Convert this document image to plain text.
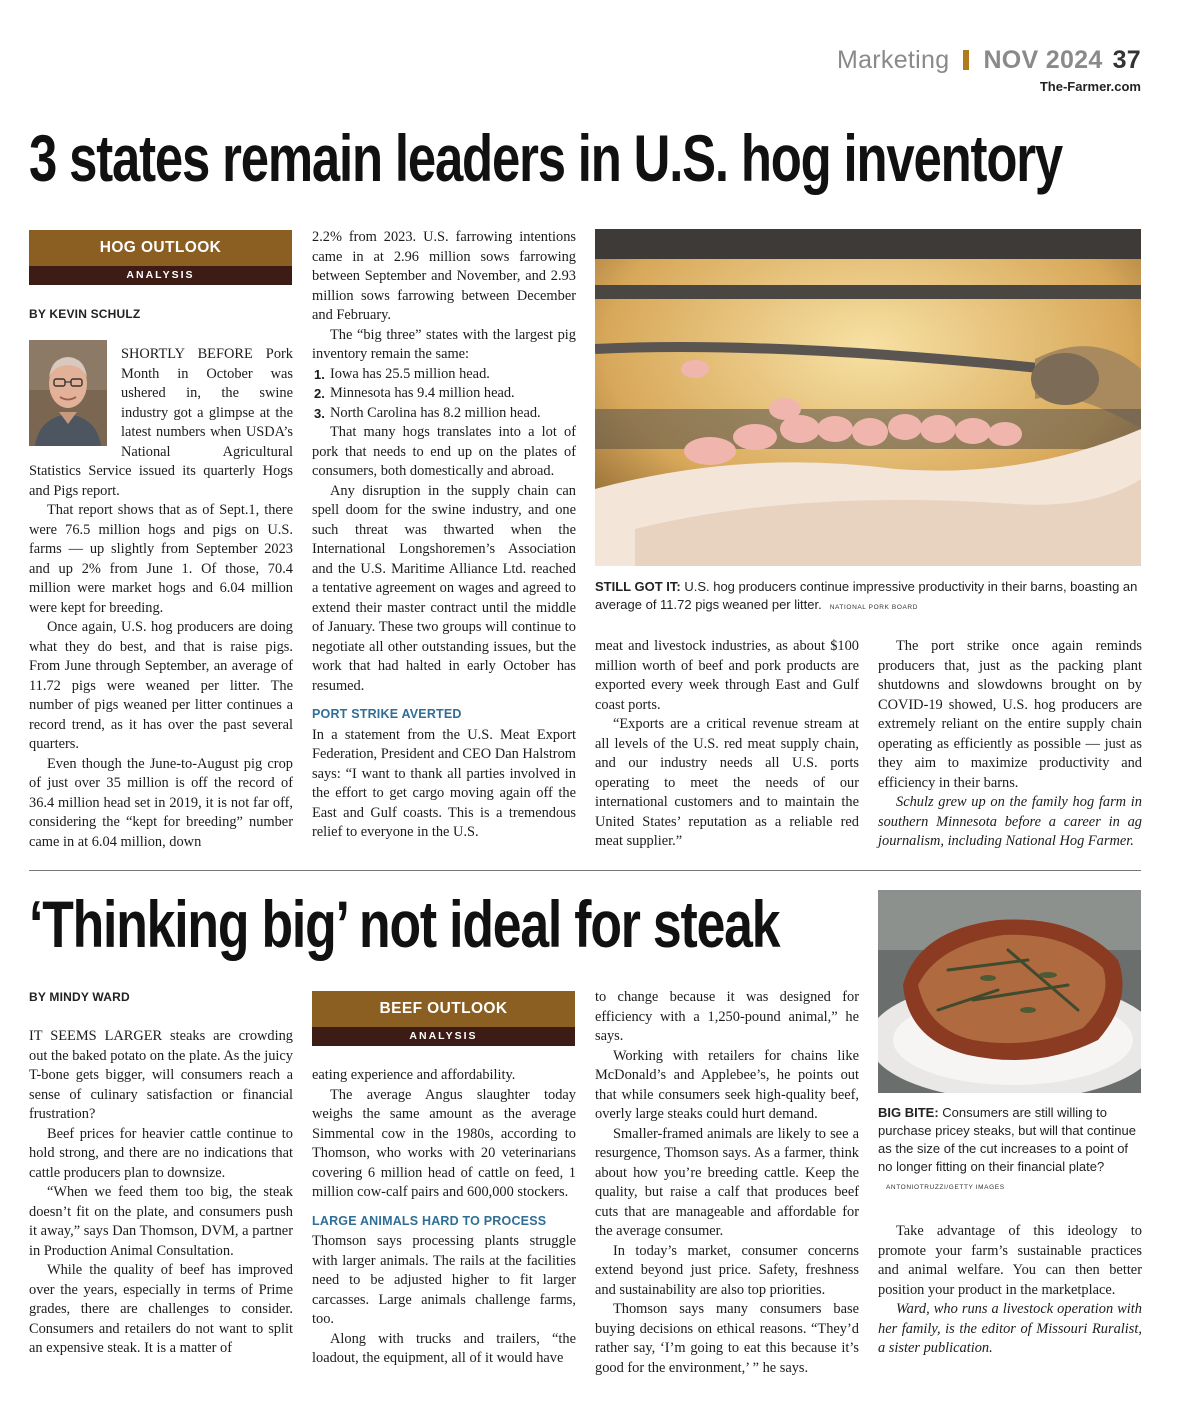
Marketing NOV 2024 37
The-Farmer.com
3 states remain leaders in U.S. hog inventory
HOG OUTLOOK
ANALYSIS
BY KEVIN SCHULZ

SHORTLY BEFORE Pork Month in October was ushered in, the swine industry got a glimpse at the latest numbers when USDA’s National Agricultural Statistics Service issued its quarterly Hogs and Pigs report.

That report shows that as of Sept.1, there were 76.5 million hogs and pigs on U.S. farms — up slightly from September 2023 and up 2% from June 1. Of those, 70.4 million were market hogs and 6.04 million were kept for breeding.

Once again, U.S. hog producers are doing what they do best, and that is raise pigs. From June through September, an average of 11.72 pigs were weaned per litter. The number of pigs weaned per litter continues a record trend, as it has over the past several quarters.

Even though the June-to-August pig crop of just over 35 million is off the record of 36.4 million head set in 2019, it is not far off, considering the “kept for breeding” number came in at 6.04 million, down

2.2% from 2023. U.S. farrowing intentions came in at 2.96 million sows farrowing between September and November, and 2.93 million sows farrowing between December and February.

The “big three” states with the largest pig inventory remain the same:

1. Iowa has 25.5 million head.
2. Minnesota has 9.4 million head.
3. North Carolina has 8.2 million head.

That many hogs translates into a lot of pork that needs to end up on the plates of consumers, both domestically and abroad.

Any disruption in the supply chain can spell doom for the swine industry, and one such threat was thwarted when the International Longshoremen’s Association and the U.S. Maritime Alliance Ltd. reached a tentative agreement on wages and agreed to extend their master contract until the middle of January. These two groups will continue to negotiate all other outstanding issues, but the work that had halted in early October has resumed.

PORT STRIKE AVERTED

In a statement from the U.S. Meat Export Federation, President and CEO Dan Halstrom says: “I want to thank all parties involved in the effort to get cargo moving again off the East and Gulf coasts. This is a tremendous relief to everyone in the U.S.

STILL GOT IT: U.S. hog producers continue impressive productivity in their barns, boasting an average of 11.72 pigs weaned per litter. NATIONAL PORK BOARD

meat and livestock industries, as about $100 million worth of beef and pork products are exported every week through East and Gulf coast ports.

“Exports are a critical revenue stream at all levels of the U.S. red meat supply chain, and our industry needs all U.S. ports operating to meet the needs of our international customers and to maintain the United States’ reputation as a reliable red meat supplier.”

The port strike once again reminds producers that, just as the packing plant shutdowns and slowdowns brought on by COVID-19 showed, U.S. hog producers are extremely reliant on the entire supply chain operating as efficiently as possible — just as they aim to maximize productivity and efficiency in their barns.

Schulz grew up on the family hog farm in southern Minnesota before a career in ag journalism, including National Hog Farmer.

‘Thinking big’ not ideal for steak
BIG BITE: Consumers are still willing to purchase pricey steaks, but will that continue as the size of the cut increases to a point of no longer fitting on their financial plate?ANTONIOTRUZZI/GETTY IMAGES
BY MINDY WARD

IT SEEMS LARGER steaks are crowding out the baked potato on the plate. As the juicy T-bone gets bigger, will consumers reach a sense of culinary satisfaction or financial frustration?

Beef prices for heavier cattle continue to hold strong, and there are no indications that cattle producers plan to downsize.

“When we feed them too big, the steak doesn’t fit on the plate, and consumers push it away,” says Dan Thomson, DVM, a partner in Production Animal Consultation.

While the quality of beef has improved over the years, especially in terms of Prime grades, there are challenges to consider. Consumers and retailers do not want to split an expensive steak. It is a matter of

BEEF OUTLOOK
ANALYSIS

eating experience and affordability.

The average Angus slaughter today weighs the same amount as the average Simmental cow in the 1980s, according to Thomson, who works with 20 veterinarians covering 6 million head of cattle on feed, 1 million cow-calf pairs and 600,000 stockers.

LARGE ANIMALS HARD TO PROCESS

Thomson says processing plants struggle with larger animals. The rails at the facilities need to be adjusted higher to fit larger carcasses. Large animals challenge farms, too.

Along with trucks and trailers, “the loadout, the equipment, all of it would have

to change because it was designed for efficiency with a 1,250-pound animal,” he says.

Working with retailers for chains like McDonald’s and Applebee’s, he points out that while consumers seek high-quality beef, overly large steaks could hurt demand.

Smaller-framed animals are likely to see a resurgence, Thomson says. As a farmer, think about how you’re breeding cattle. Keep the quality, but raise a calf that produces beef cuts that are manageable and affordable for the average consumer.

In today’s market, consumer concerns extend beyond just price. Safety, freshness and sustainability are also top priorities.

Thomson says many consumers base buying decisions on ethical reasons. “They’d rather say, ‘I’m going to eat this because it’s good for the environment,’ ” he says.

Take advantage of this ideology to promote your farm’s sustainable practices and animal welfare. You can then better position your product in the marketplace.

Ward, who runs a livestock operation with her family, is the editor of Missouri Ruralist, a sister publication.
